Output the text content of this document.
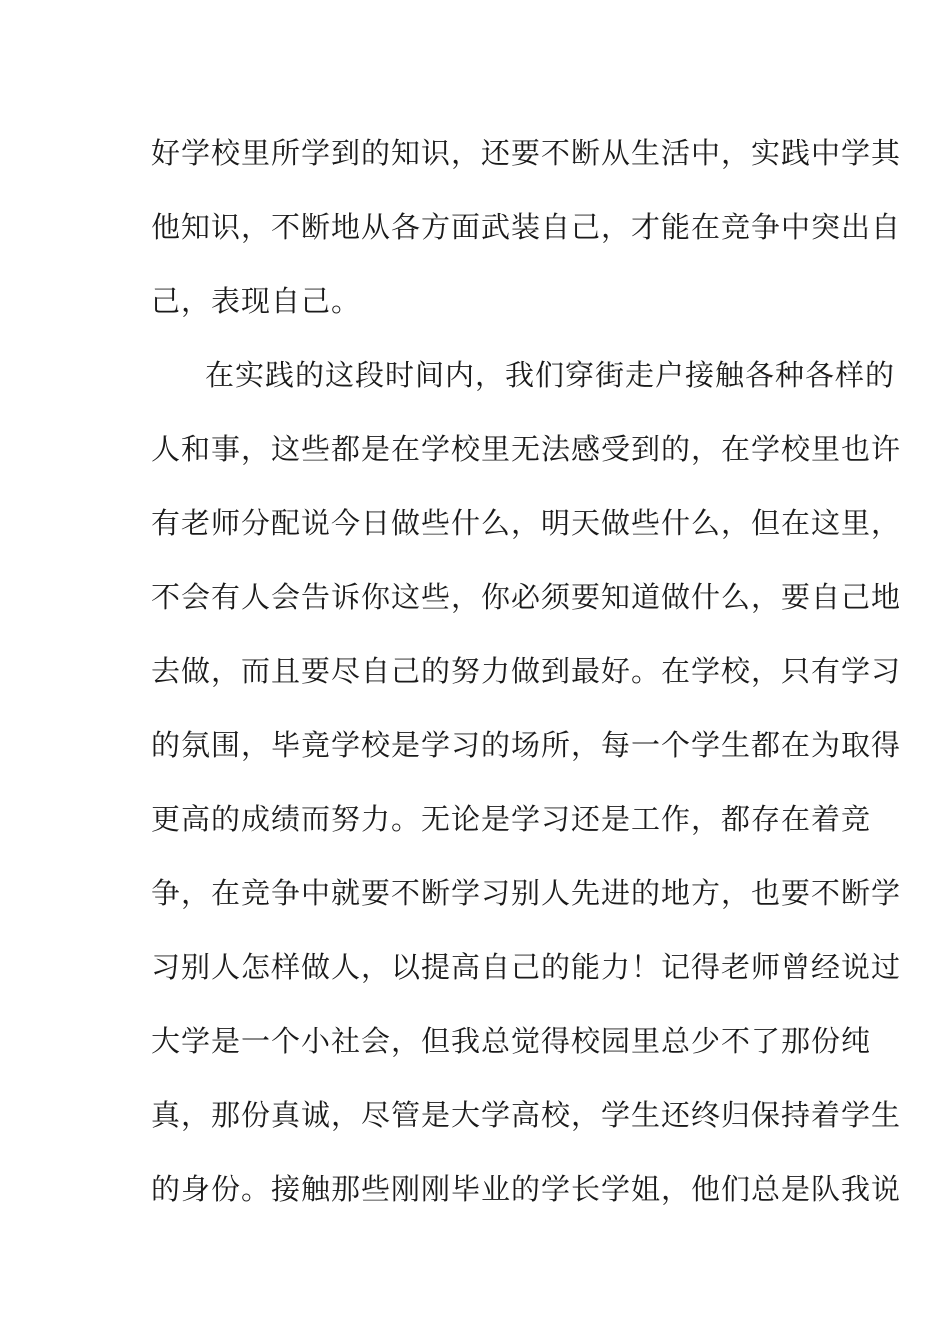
好学校里所学到的知识，还要不断从生活中，实践中学其
他知识，不断地从各方面武装自己，才能在竞争中突出自
己，表现自己。
在实践的这段时间内，我们穿街走户接触各种各样的
人和事，这些都是在学校里无法感受到的，在学校里也许
有老师分配说今日做些什么，明天做些什么，但在这里，
不会有人会告诉你这些，你必须要知道做什么，要自己地
去做，而且要尽自己的努力做到最好。在学校，只有学习
的氛围，毕竟学校是学习的场所，每一个学生都在为取得
更高的成绩而努力。无论是学习还是工作，都存在着竞
争，在竞争中就要不断学习别人先进的地方，也要不断学
习别人怎样做人，以提高自己的能力！记得老师曾经说过
大学是一个小社会，但我总觉得校园里总少不了那份纯
真，那份真诚，尽管是大学高校，学生还终归保持着学生
的身份。接触那些刚刚毕业的学长学姐，他们总是队我说
